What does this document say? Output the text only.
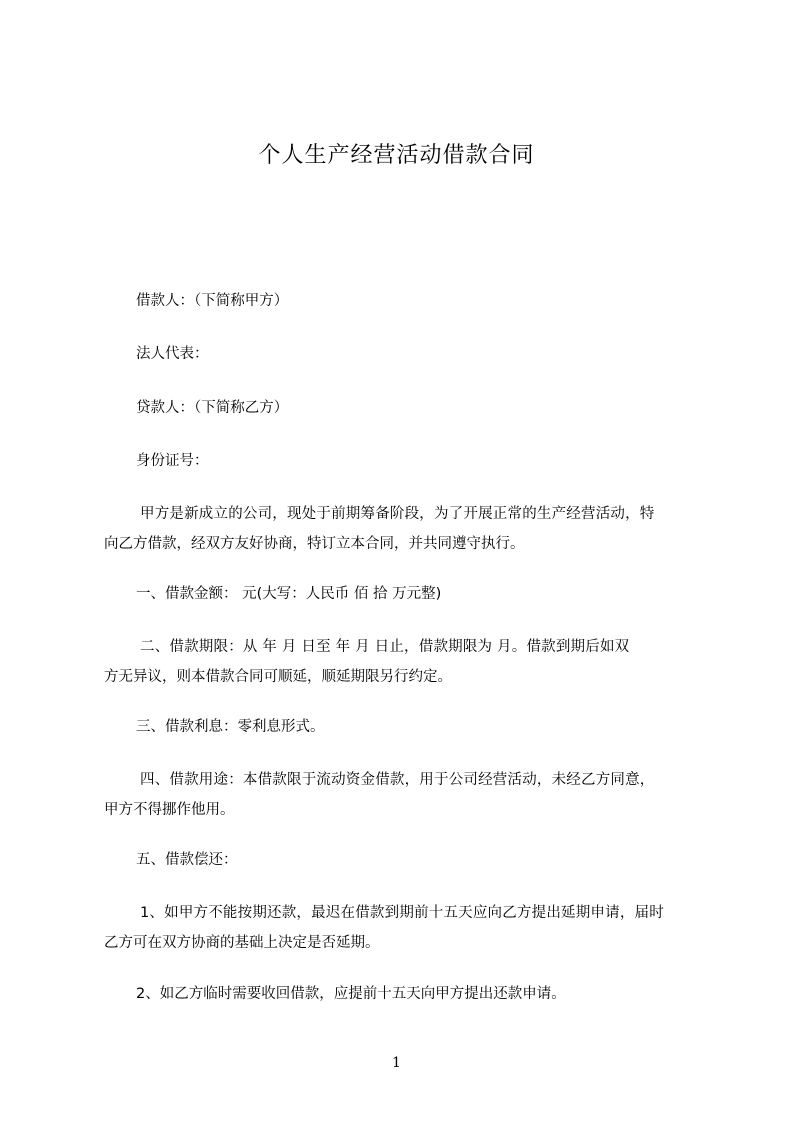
个人生产经营活动借款合同
借款人：（下简称甲方）
法人代表：
贷款人：（下简称乙方）
身份证号：
甲方是新成立的公司，现处于前期筹备阶段，为了开展正常的生产经营活动，特
向乙方借款，经双方友好协商，特订立本合同，并共同遵守执行。
一、借款金额： 元(大写：人民币 佰 拾 万元整)
二、借款期限：从 年 月 日至 年 月 日止，借款期限为 月。借款到期后如双
方无异议，则本借款合同可顺延，顺延期限另行约定。
三、借款利息：零利息形式。
四、借款用途：本借款限于流动资金借款，用于公司经营活动，未经乙方同意，
甲方不得挪作他用。
五、借款偿还：
1、如甲方不能按期还款，最迟在借款到期前十五天应向乙方提出延期申请，届时
乙方可在双方协商的基础上决定是否延期。
2、如乙方临时需要收回借款，应提前十五天向甲方提出还款申请。
1
